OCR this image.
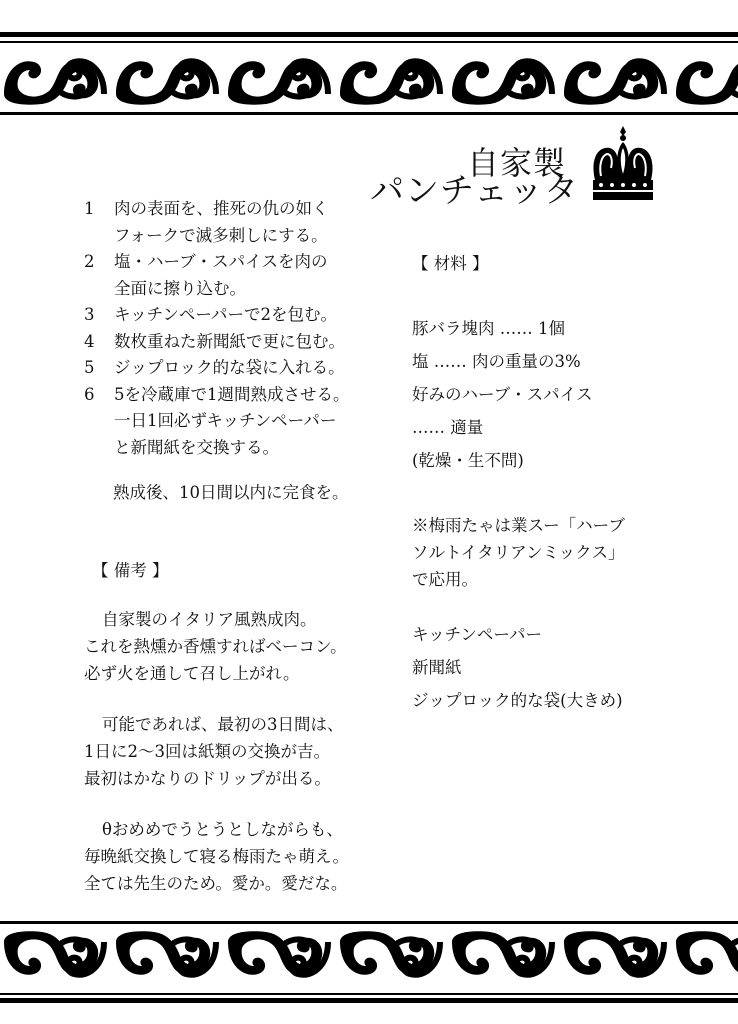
自家製
パンチェッタ
1	肉の表面を、推死の仇の如く
フォークで滅多刺しにする。
2	塩・ハーブ・スパイスを肉の
全面に擦り込む。
3	キッチンペーパーで2を包む。
4	数枚重ねた新聞紙で更に包む。
5	ジップロック的な袋に入れる。
6	5を冷蔵庫で1週間熟成させる。
一日1回必ずキッチンペーパー
と新聞紙を交換する。
熟成後、10日間以内に完食を。
【 備考 】
自家製のイタリア風熟成肉。
これを熱燻か香燻すればベーコン。
必ず火を通して召し上がれ。
可能であれば、最初の3日間は、
1日に2〜3回は紙類の交換が吉。
最初はかなりのドリップが出る。
θおめめでうとうとしながらも、
毎晩紙交換して寝る梅雨たゃ萌え。
全ては先生のため。愛か。愛だな。
【 材料 】
豚バラ塊肉 …… 1個
塩 …… 肉の重量の3%
好みのハーブ・スパイス
…… 適量
(乾燥・生不問)
※梅雨たゃは業スー「ハーブ
ソルトイタリアンミックス」
で応用。
キッチンペーパー
新聞紙
ジップロック的な袋(大きめ)
